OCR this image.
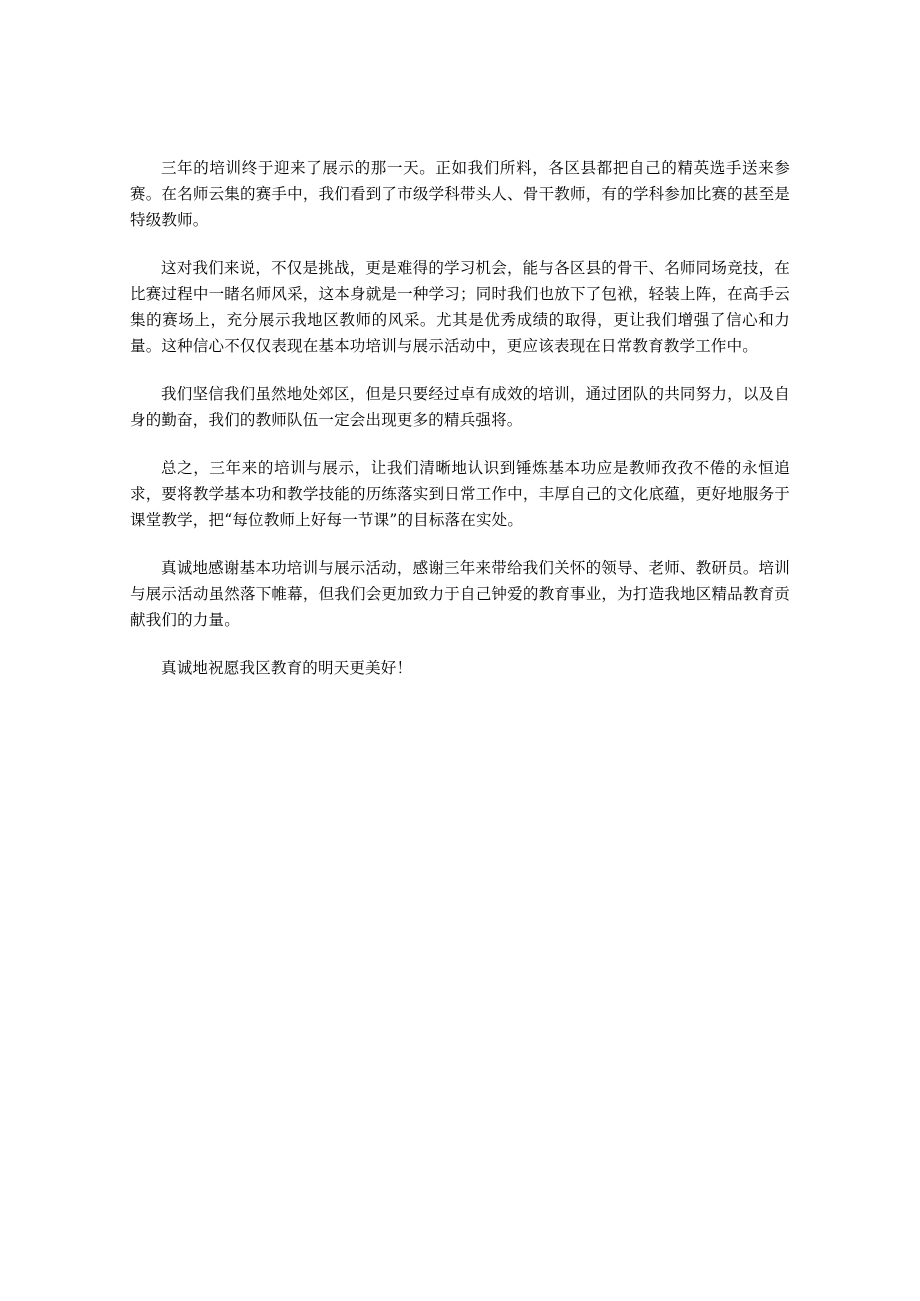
三年的培训终于迎来了展示的那一天。正如我们所料，各区县都把自己的精英选手送来参赛。在名师云集的赛手中，我们看到了市级学科带头人、骨干教师，有的学科参加比赛的甚至是特级教师。

这对我们来说，不仅是挑战，更是难得的学习机会，能与各区县的骨干、名师同场竞技，在比赛过程中一睹名师风采，这本身就是一种学习；同时我们也放下了包袱，轻装上阵，在高手云集的赛场上，充分展示我地区教师的风采。尤其是优秀成绩的取得，更让我们增强了信心和力量。这种信心不仅仅表现在基本功培训与展示活动中，更应该表现在日常教育教学工作中。

我们坚信我们虽然地处郊区，但是只要经过卓有成效的培训，通过团队的共同努力，以及自身的勤奋，我们的教师队伍一定会出现更多的精兵强将。

总之，三年来的培训与展示，让我们清晰地认识到锤炼基本功应是教师孜孜不倦的永恒追求，要将教学基本功和教学技能的历练落实到日常工作中，丰厚自己的文化底蕴，更好地服务于课堂教学，把“每位教师上好每一节课”的目标落在实处。

真诚地感谢基本功培训与展示活动，感谢三年来带给我们关怀的领导、老师、教研员。培训与展示活动虽然落下帷幕，但我们会更加致力于自己钟爱的教育事业，为打造我地区精品教育贡献我们的力量。

真诚地祝愿我区教育的明天更美好！
